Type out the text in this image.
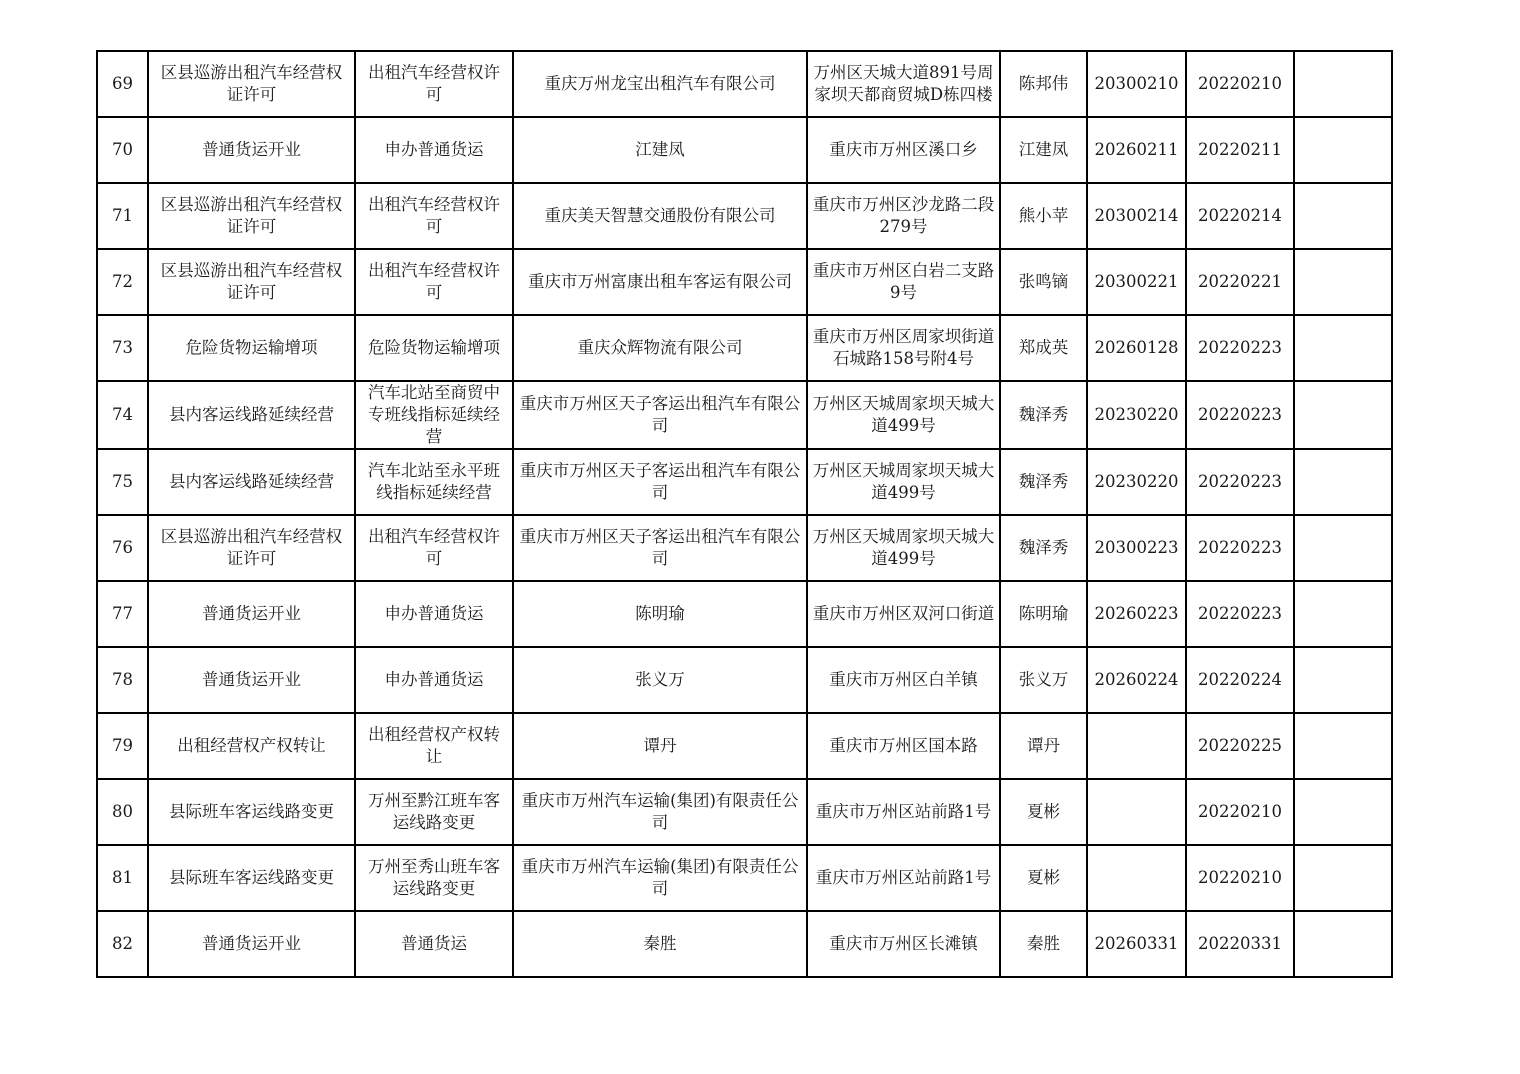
69	区县巡游出租汽车经营权证许可	出租汽车经营权许可	重庆万州龙宝出租汽车有限公司	万州区天城大道891号周家坝天都商贸城D栋四楼	陈邦伟	20300210	20220210	
70	普通货运开业	申办普通货运	江建凤	重庆市万州区溪口乡	江建凤	20260211	20220211	
71	区县巡游出租汽车经营权证许可	出租汽车经营权许可	重庆美天智慧交通股份有限公司	重庆市万州区沙龙路二段279号	熊小苹	20300214	20220214	
72	区县巡游出租汽车经营权证许可	出租汽车经营权许可	重庆市万州富康出租车客运有限公司	重庆市万州区白岩二支路9号	张鸣镝	20300221	20220221	
73	危险货物运输增项	危险货物运输增项	重庆众辉物流有限公司	重庆市万州区周家坝街道石城路158号附4号	郑成英	20260128	20220223	
74	县内客运线路延续经营	汽车北站至商贸中专班线指标延续经营	重庆市万州区天子客运出租汽车有限公司	万州区天城周家坝天城大道499号	魏泽秀	20230220	20220223	
75	县内客运线路延续经营	汽车北站至永平班线指标延续经营	重庆市万州区天子客运出租汽车有限公司	万州区天城周家坝天城大道499号	魏泽秀	20230220	20220223	
76	区县巡游出租汽车经营权证许可	出租汽车经营权许可	重庆市万州区天子客运出租汽车有限公司	万州区天城周家坝天城大道499号	魏泽秀	20300223	20220223	
77	普通货运开业	申办普通货运	陈明瑜	重庆市万州区双河口街道	陈明瑜	20260223	20220223	
78	普通货运开业	申办普通货运	张义万	重庆市万州区白羊镇	张义万	20260224	20220224	
79	出租经营权产权转让	出租经营权产权转让	谭丹	重庆市万州区国本路	谭丹		20220225	
80	县际班车客运线路变更	万州至黔江班车客运线路变更	重庆市万州汽车运输(集团)有限责任公司	重庆市万州区站前路1号	夏彬		20220210	
81	县际班车客运线路变更	万州至秀山班车客运线路变更	重庆市万州汽车运输(集团)有限责任公司	重庆市万州区站前路1号	夏彬		20220210	
82	普通货运开业	普通货运	秦胜	重庆市万州区长滩镇	秦胜	20260331	20220331	
